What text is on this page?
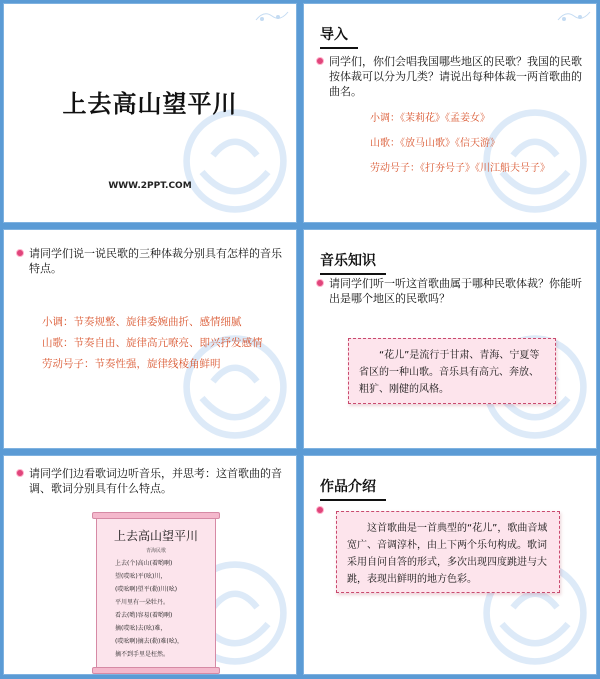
上去高山望平川
WWW.2PPT.COM
导入
同学们，你们会唱我国哪些地区的民歌？我国的民歌按体裁可以分为几类？请说出每种体裁一两首歌曲的曲名。
小调：《茉莉花》《孟姜女》
山歌：《放马山歌》《信天游》
劳动号子：《打夯号子》《川江船夫号子》
请同学们说一说民歌的三种体裁分别具有怎样的音乐特点。
小调：节奏规整、旋律委婉曲折、感情细腻
山歌：节奏自由、旋律高亢嘹亮、即兴抒发感情
劳动号子：节奏性强，旋律线棱角鲜明
音乐知识
请同学们听一听这首歌曲属于哪种民歌体裁？你能听出是哪个地区的民歌吗？
“花儿”是流行于甘肃、青海、宁夏等省区的一种山歌。音乐具有高亢、奔放、粗犷、刚健的风格。
请同学们边看歌词边听音乐，并思考：这首歌曲的音调、歌词分别具有什么特点。
上去高山望平川
青海民歌
上去(个)高山(着哟啊)
望(哎吆)平(吆)川，
(哎吆啊)望平(勒)川(吆)
平川里有一朵牡丹。
看去(哟)容易(着哟啊)
摘(哎吆)去(吆)难，
(哎吆啊)摘去(勒)难(吆)，
摘不到手里是枉然。
作品介绍
这首歌曲是一首典型的“花儿”，歌曲音域宽广、音调淳朴，由上下两个乐句构成。歌词采用自问自答的形式，多次出现四度跳进与大跳，表现出鲜明的地方色彩。
